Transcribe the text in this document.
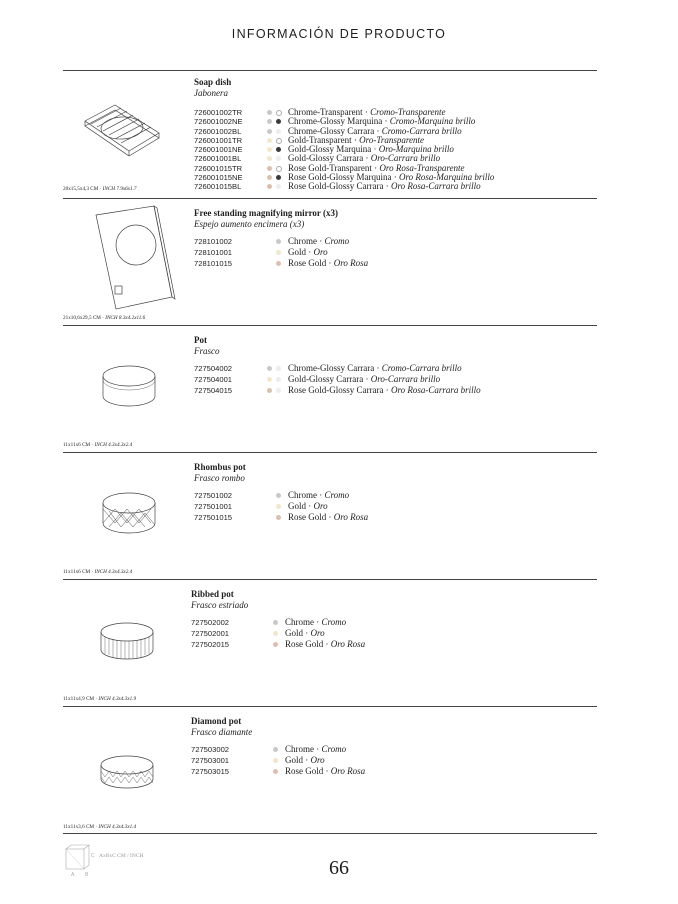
INFORMACIÓN DE PRODUCTO
20x15,5x4,3 CM · INCH 7.9x6x1.7
Soap dish
Jabonera
726001002TR	Chrome-Transparent · Cromo-Transparente
726001002NE	Chrome-Glossy Marquina · Cromo-Marquina brillo
726001002BL	Chrome-Glossy Carrara · Cromo-Carrara brillo
726001001TR	Gold-Transparent · Oro-Transparente
726001001NE	Gold-Glossy Marquina · Oro-Marquina brillo
726001001BL	Gold-Glossy Carrara · Oro-Carrara brillo
726001015TR	Rose Gold-Transparent · Oro Rosa-Transparente
726001015NE	Rose Gold-Glossy Marquina · Oro Rosa-Marquina brillo
726001015BL	Rose Gold-Glossy Carrara · Oro Rosa-Carrara brillo
21x10,6x29,5 CM · INCH 8.3x4.2x11.6
Free standing magnifying mirror (x3)
Espejo aumento encimera (x3)
728101002	Chrome · Cromo
728101001	Gold · Oro
728101015	Rose Gold · Oro Rosa
11x11x6 CM · INCH 4.3x4.3x2.4
Pot
Frasco
727504002	Chrome-Glossy Carrara · Cromo-Carrara brillo
727504001	Gold-Glossy Carrara · Oro-Carrara brillo
727504015	Rose Gold-Glossy Carrara · Oro Rosa-Carrara brillo
11x11x6 CM · INCH 4.3x4.3x2.4
Rhombus pot
Frasco rombo
727501002	Chrome · Cromo
727501001	Gold · Oro
727501015	Rose Gold · Oro Rosa
11x11x4,9 CM · INCH 4.3x4.3x1.9
Ribbed pot
Frasco estriado
727502002	Chrome · Cromo
727502001	Gold · Oro
727502015	Rose Gold · Oro Rosa
11x11x3,6 CM · INCH 4.3x4.3x1.4
Diamond pot
Frasco diamante
727503002	Chrome · Cromo
727503001	Gold · Oro
727503015	Rose Gold · Oro Rosa
C
A B
AxBxC CM / INCH
66
